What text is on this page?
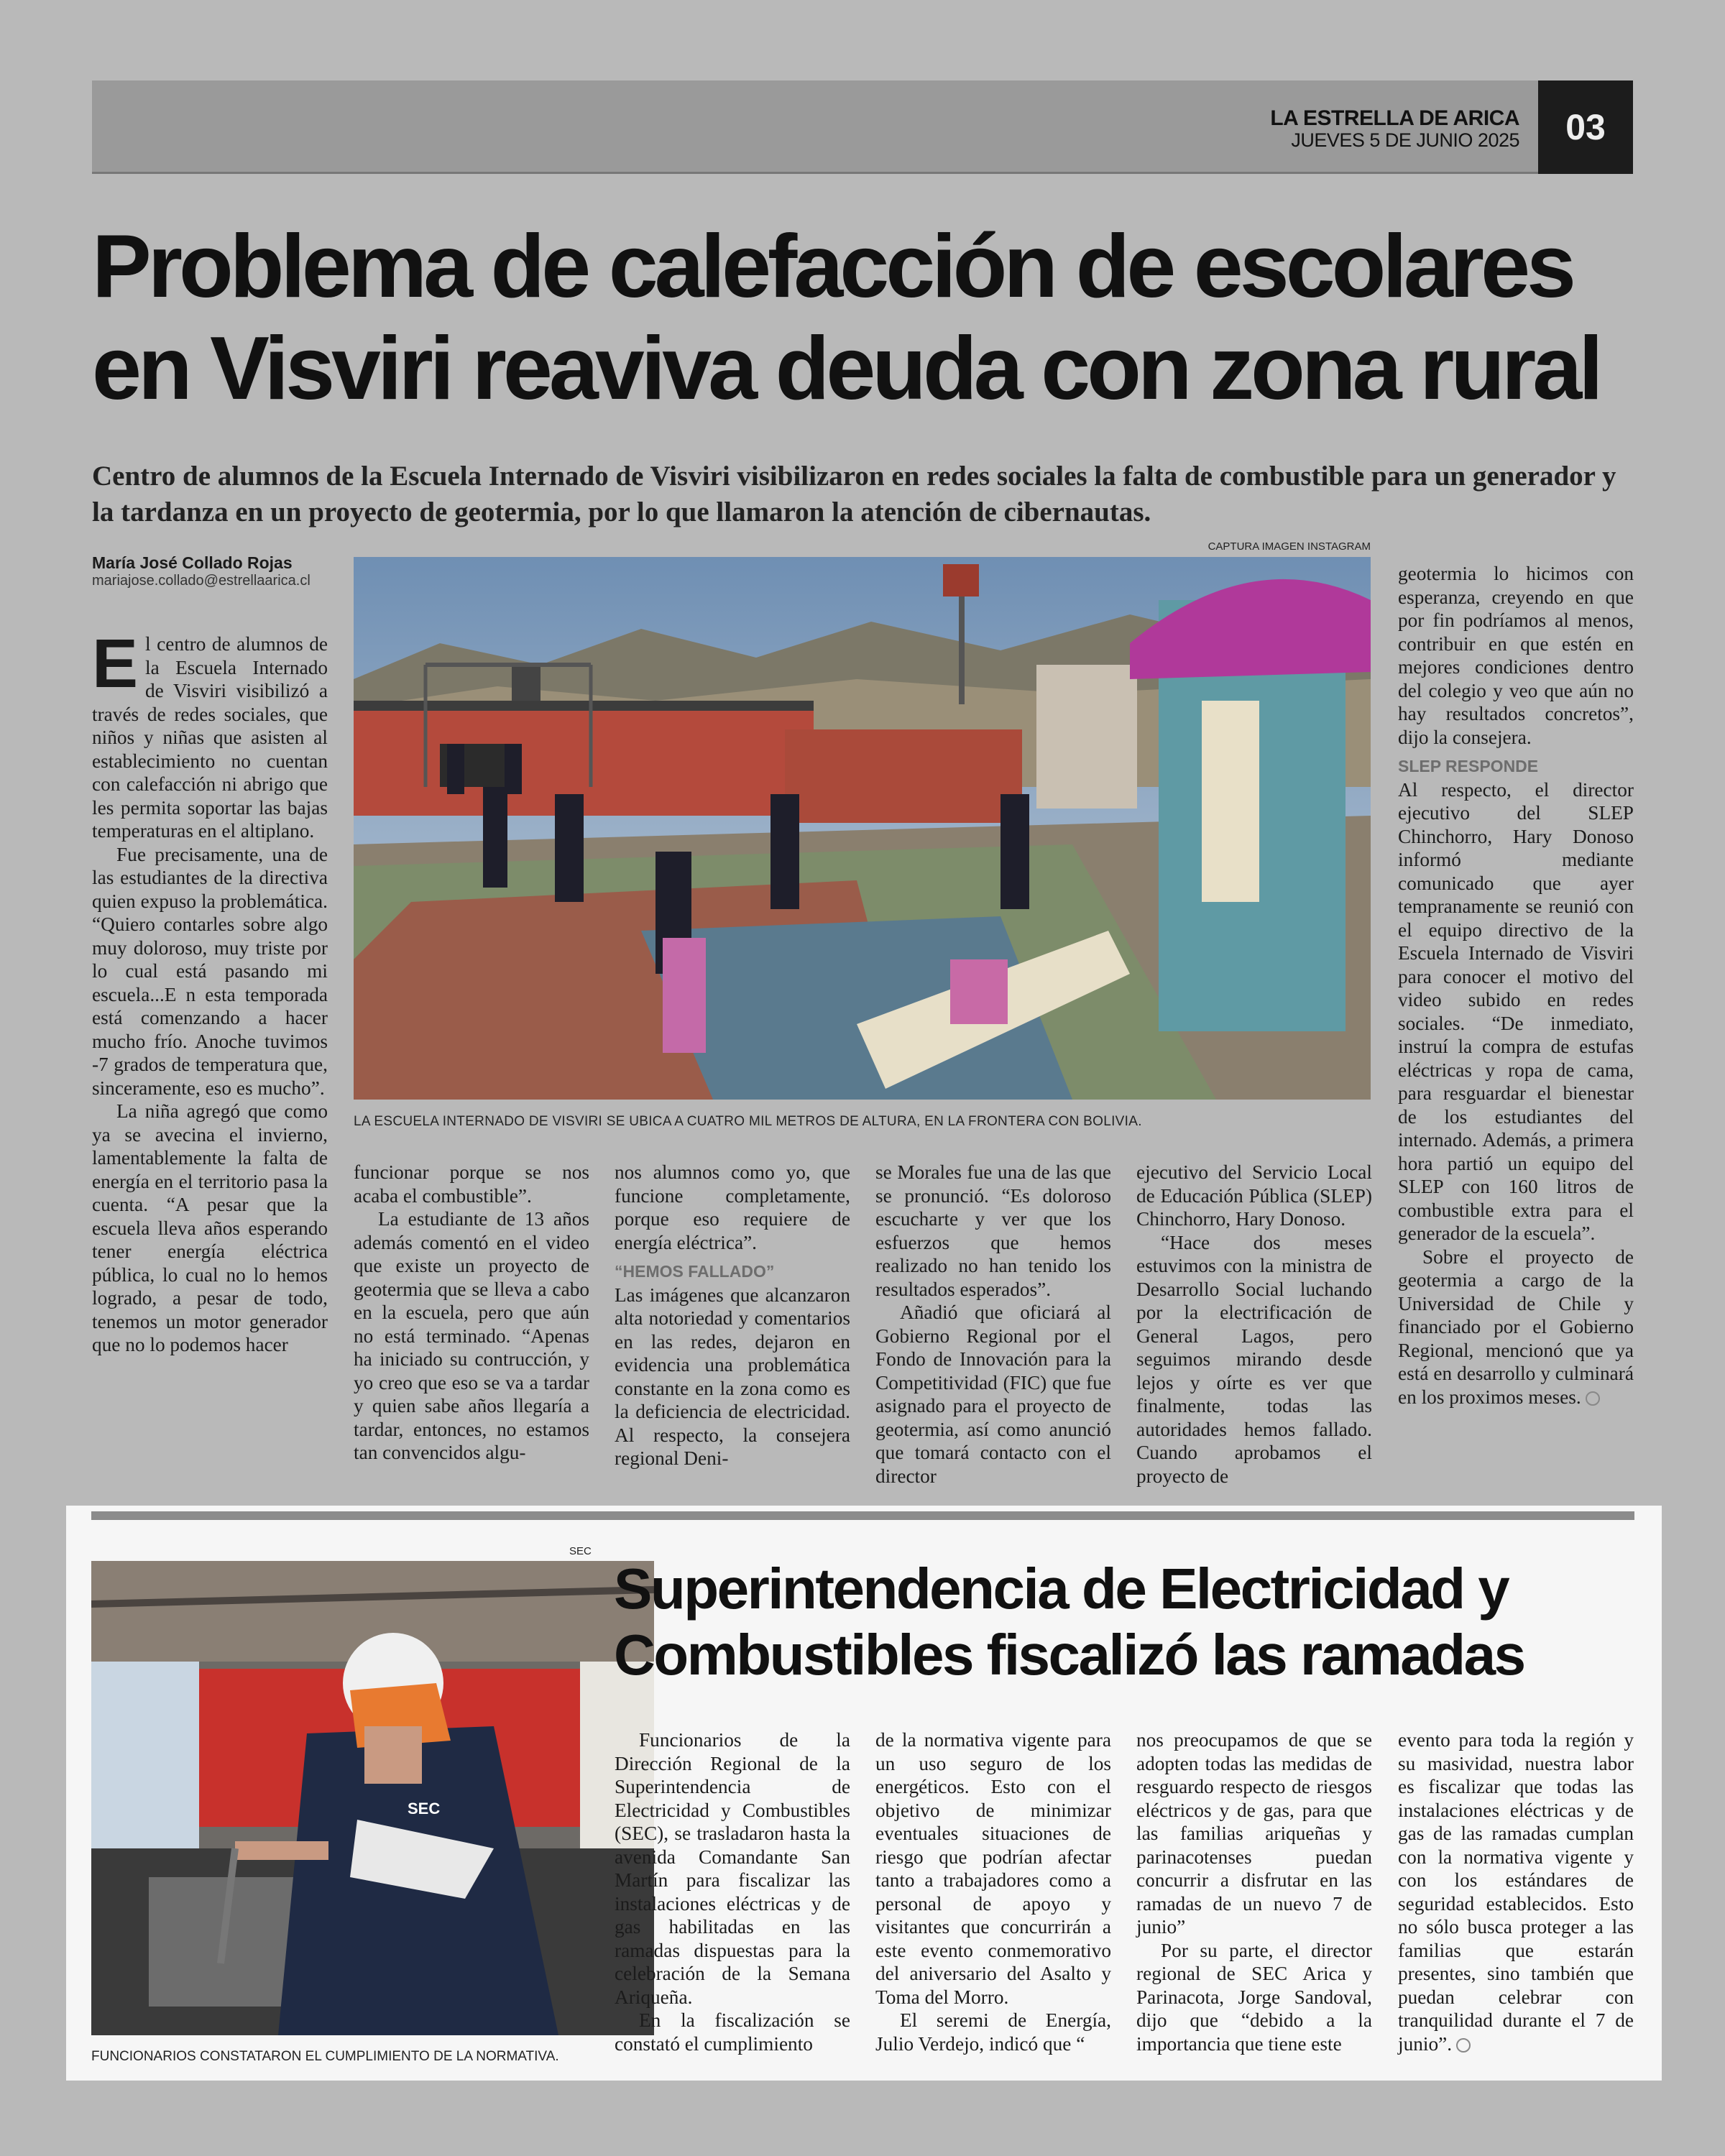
LA ESTRELLA DE ARICA
JUEVES 5 DE JUNIO 2025	03
Problema de calefacción de escolares en Visviri reaviva deuda con zona rural
Centro de alumnos de la Escuela Internado de Visviri visibilizaron en redes sociales la falta de combustible para un generador y la tardanza en un proyecto de geotermia, por lo que llamaron la atención de cibernautas.
María José Collado Rojas
mariajose.collado@estrellaarica.cl
CAPTURA IMAGEN INSTAGRAM
LA ESCUELA INTERNADO DE VISVIRI SE UBICA A CUATRO MIL METROS DE ALTURA, EN LA FRONTERA CON BOLIVIA.

El centro de alumnos de la Escuela Internado de Visviri visibilizó a través de redes sociales, que niños y niñas que asisten al establecimiento no cuentan con calefacción ni abrigo que les permita soportar las bajas temperaturas en el altiplano.

Fue precisamente, una de las estudiantes de la directiva quien expuso la problemática. “Quiero contarles sobre algo muy doloroso, muy triste por lo cual está pasando mi escuela...E n esta temporada está comenzando a hacer mucho frío. Anoche tuvimos -7 grados de temperatura que, sinceramente, eso es mucho”.

La niña agregó que como ya se avecina el invierno, lamentablemente la falta de energía en el territorio pasa la cuenta. “A pesar que la escuela lleva años esperando tener energía eléctrica pública, lo cual no lo hemos logrado, a pesar de todo, tenemos un motor generador que no lo podemos hacer

funcionar porque se nos acaba el combustible”.

La estudiante de 13 años además comentó en el video que existe un proyecto de geotermia que se lleva a cabo en la escuela, pero que aún no está terminado. “Apenas ha iniciado su contrucción, y yo creo que eso se va a tardar y quien sabe años llegaría a tardar, entonces, no estamos tan convencidos algu-

nos alumnos como yo, que funcione completamente, porque eso requiere de energía eléctrica”.

“HEMOS FALLADO”

Las imágenes que alcanzaron alta notoriedad y comentarios en las redes, dejaron en evidencia una problemática constante en la zona como es la deficiencia de electricidad. Al respecto, la consejera regional Deni-

se Morales fue una de las que se pronunció. “Es doloroso escucharte y ver que los esfuerzos que hemos realizado no han tenido los resultados esperados”.

Añadió que oficiará al Gobierno Regional por el Fondo de Innovación para la Competitividad (FIC) que fue asignado para el proyecto de geotermia, así como anunció que tomará contacto con el director

ejecutivo del Servicio Local de Educación Pública (SLEP) Chinchorro, Hary Donoso.

“Hace dos meses estuvimos con la ministra de Desarrollo Social luchando por la electrificación de General Lagos, pero seguimos mirando desde lejos y oírte es ver que finalmente, todas las autoridades hemos fallado. Cuando aprobamos el proyecto de

geotermia lo hicimos con esperanza, creyendo en que por fin podríamos al menos, contribuir en que estén en mejores condiciones dentro del colegio y veo que aún no hay resultados concretos”, dijo la consejera.

SLEP RESPONDE

Al respecto, el director ejecutivo del SLEP Chinchorro, Hary Donoso informó mediante comunicado que ayer tempranamente se reunió con el equipo directivo de la Escuela Internado de Visviri para conocer el motivo del video subido en redes sociales. “De inmediato, instruí la compra de estufas eléctricas y ropa de cama, para resguardar el bienestar de los estudiantes del internado. Además, a primera hora partió un equipo del SLEP con 160 litros de combustible extra para el generador de la escuela”.

Sobre el proyecto de geotermia a cargo de la Universidad de Chile y financiado por el Gobierno Regional, mencionó que ya está en desarrollo y culminará en los proximos meses.

SEC
SEC
FUNCIONARIOS CONSTATARON EL CUMPLIMIENTO DE LA NORMATIVA.
Superintendencia de Electricidad y Combustibles fiscalizó las ramadas

Funcionarios de la Dirección Regional de la Superintendencia de Electricidad y Combustibles (SEC), se trasladaron hasta la avenida Comandante San Martín para fiscalizar las instalaciones eléctricas y de gas habilitadas en las ramadas dispuestas para la celebración de la Semana Ariqueña.

En la fiscalización se constató el cumplimiento

de la normativa vigente para un uso seguro de los energéticos. Esto con el objetivo de minimizar eventuales situaciones de riesgo que podrían afectar tanto a trabajadores como a personal de apoyo y visitantes que concurrirán a este evento conmemorativo del aniversario del Asalto y Toma del Morro.

El seremi de Energía, Julio Verdejo, indicó que “

nos preocupamos de que se adopten todas las medidas de resguardo respecto de riesgos eléctricos y de gas, para que las familias ariqueñas y parinacotenses puedan concurrir a disfrutar en las ramadas de un nuevo 7 de junio”

Por su parte, el director regional de SEC Arica y Parinacota, Jorge Sandoval, dijo que “debido a la importancia que tiene este

evento para toda la región y su masividad, nuestra labor es fiscalizar que todas las instalaciones eléctricas y de gas de las ramadas cumplan con la normativa vigente y con los estándares de seguridad establecidos. Esto no sólo busca proteger a las familias que estarán presentes, sino también que puedan celebrar con tranquilidad durante el 7 de junio”.
